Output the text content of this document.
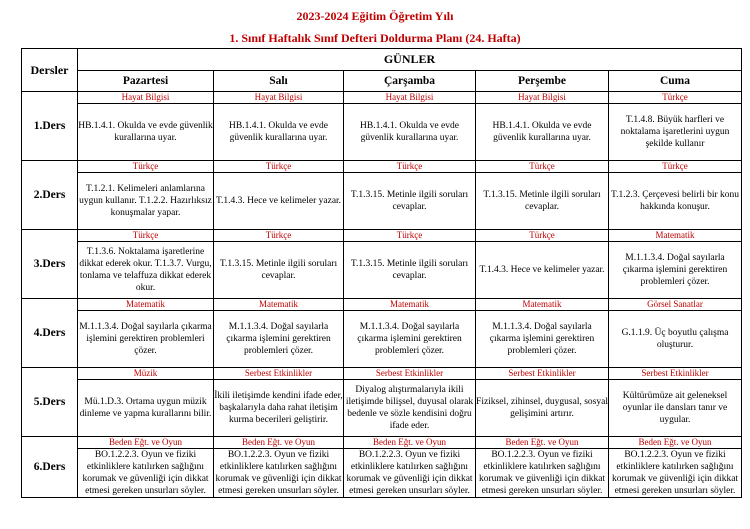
2023-2024 Eğitim Öğretim Yılı
1. Sınıf Haftalık Sınıf Defteri Doldurma Planı (24. Hafta)
Dersler	GÜNLER				
	Pazartesi	Salı	Çarşamba	Perşembe	Cuma
1.Ders	Hayat Bilgisi	Hayat Bilgisi	Hayat Bilgisi	Hayat Bilgisi	Türkçe
	HB.1.4.1. Okulda ve evde güvenlik kurallarına uyar.	HB.1.4.1. Okulda ve evde güvenlik kurallarına uyar.	HB.1.4.1. Okulda ve evde güvenlik kurallarına uyar.	HB.1.4.1. Okulda ve evde güvenlik kurallarına uyar.	T.1.4.8. Büyük harfleri ve noktalama işaretlerini uygun şekilde kullanır
2.Ders	Türkçe	Türkçe	Türkçe	Türkçe	Türkçe
	T.1.2.1. Kelimeleri anlamlarına uygun kullanır. T.1.2.2. Hazırlıksız konuşmalar yapar.	T.1.4.3. Hece ve kelimeler yazar.	T.1.3.15. Metinle ilgili soruları cevaplar.	T.1.3.15. Metinle ilgili soruları cevaplar.	T.1.2.3. Çerçevesi belirli bir konu hakkında konuşur.
3.Ders	Türkçe	Türkçe	Türkçe	Türkçe	Matematik
	T.1.3.6. Noktalama işaretlerine dikkat ederek okur. T.1.3.7. Vurgu, tonlama ve telaffuza dikkat ederek okur.	T.1.3.15. Metinle ilgili soruları cevaplar.	T.1.3.15. Metinle ilgili soruları cevaplar.	T.1.4.3. Hece ve kelimeler yazar.	M.1.1.3.4. Doğal sayılarla çıkarma işlemini gerektiren problemleri çözer.
4.Ders	Matematik	Matematik	Matematik	Matematik	Görsel Sanatlar
	M.1.1.3.4. Doğal sayılarla çıkarma işlemini gerektiren problemleri çözer.	M.1.1.3.4. Doğal sayılarla çıkarma işlemini gerektiren problemleri çözer.	M.1.1.3.4. Doğal sayılarla çıkarma işlemini gerektiren problemleri çözer.	M.1.1.3.4. Doğal sayılarla çıkarma işlemini gerektiren problemleri çözer.	G.1.1.9. Üç boyutlu çalışma oluşturur.
5.Ders	Müzik	Serbest Etkinlikler	Serbest Etkinlikler	Serbest Etkinlikler	Serbest Etkinlikler
	Mü.1.D.3. Ortama uygun müzik dinleme ve yapma kurallarını bilir.	İkili iletişimde kendini ifade eder, başkalarıyla daha rahat iletişim kurma becerileri geliştirir.	Diyalog alıştırmalarıyla ikili iletişimde bilişsel, duyusal olarak bedenle ve sözle kendisini doğru ifade eder.	Fiziksel, zihinsel, duygusal, sosyal gelişimini artırır.	Kültürümüze ait geleneksel oyunlar ile dansları tanır ve uygular.
6.Ders	Beden Eğt. ve Oyun	Beden Eğt. ve Oyun	Beden Eğt. ve Oyun	Beden Eğt. ve Oyun	Beden Eğt. ve Oyun
	BO.1.2.2.3. Oyun ve fiziki etkinliklere katılırken sağlığını korumak ve güvenliği için dikkat etmesi gereken unsurları söyler.	BO.1.2.2.3. Oyun ve fiziki etkinliklere katılırken sağlığını korumak ve güvenliği için dikkat etmesi gereken unsurları söyler.	BO.1.2.2.3. Oyun ve fiziki etkinliklere katılırken sağlığını korumak ve güvenliği için dikkat etmesi gereken unsurları söyler.	BO.1.2.2.3. Oyun ve fiziki etkinliklere katılırken sağlığını korumak ve güvenliği için dikkat etmesi gereken unsurları söyler.	BO.1.2.2.3. Oyun ve fiziki etkinliklere katılırken sağlığını korumak ve güvenliği için dikkat etmesi gereken unsurları söyler.
